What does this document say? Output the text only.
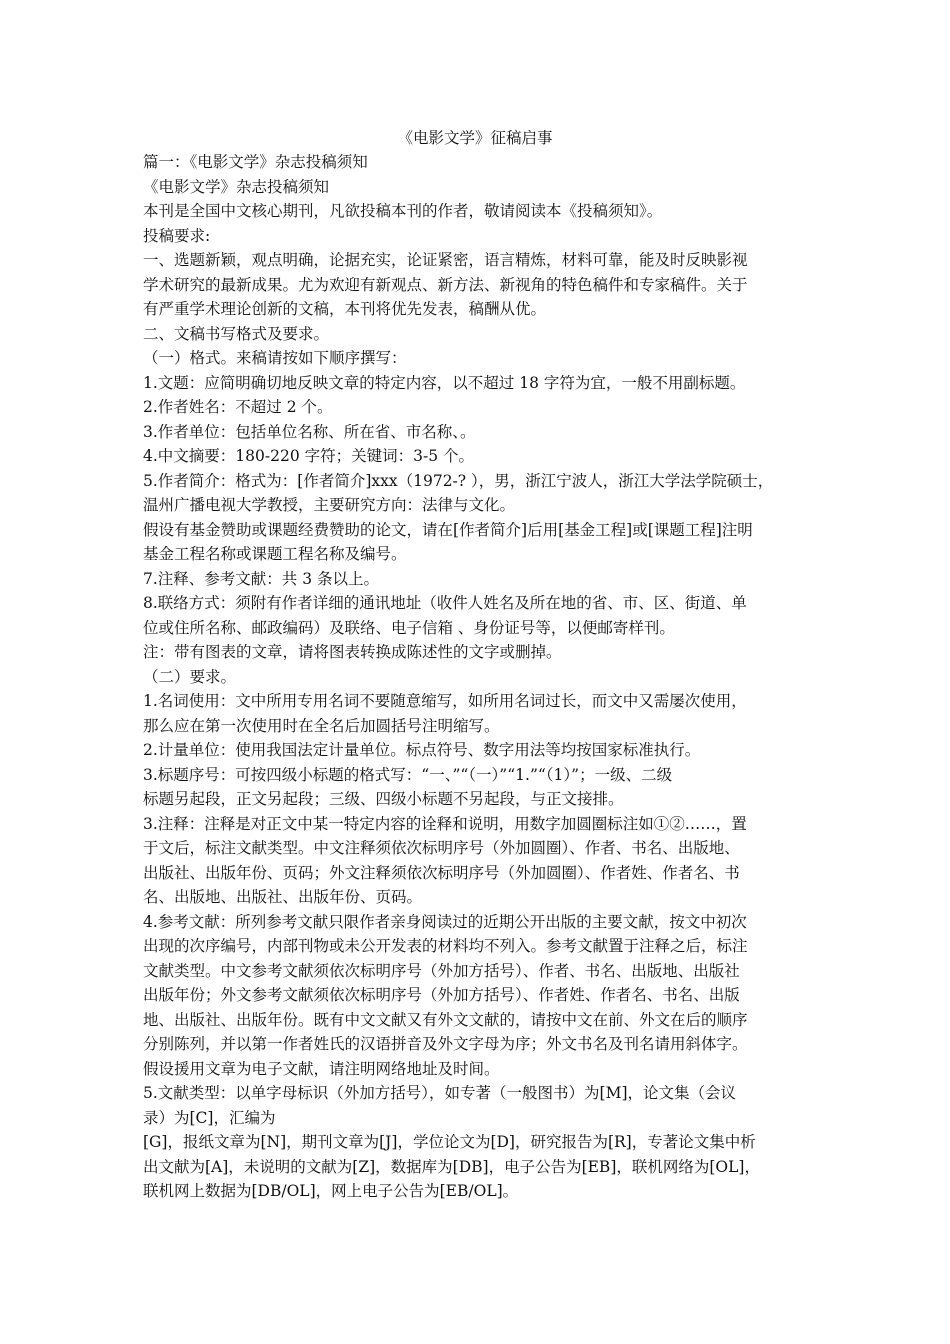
《电影文学》征稿启事
篇一：《电影文学》杂志投稿须知
《电影文学》杂志投稿须知
本刊是全国中文核心期刊，凡欲投稿本刊的作者，敬请阅读本《投稿须知》。
投稿要求:
一、选题新颖，观点明确，论据充实，论证紧密，语言精炼，材料可靠，能及时反映影视
学术研究的最新成果。尤为欢迎有新观点、新方法、新视角的特色稿件和专家稿件。关于
有严重学术理论创新的文稿，本刊将优先发表，稿酬从优。
二、文稿书写格式及要求。
（一）格式。来稿请按如下顺序撰写：
1.文题：应简明确切地反映文章的特定内容，以不超过 18 字符为宜，一般不用副标题。
2.作者姓名：不超过 2 个。
3.作者单位：包括单位名称、所在省、市名称、。
4.中文摘要：180-220 字符；关键词：3-5 个。
5.作者简介：格式为：[作者简介]xxx（1972-? ），男，浙江宁波人，浙江大学法学院硕士，
温州广播电视大学教授，主要研究方向：法律与文化。
假设有基金赞助或课题经费赞助的论文，请在[作者简介]后用[基金工程]或[课题工程]注明
基金工程名称或课题工程名称及编号。
7.注释、参考文献：共 3 条以上。
8.联络方式：须附有作者详细的通讯地址（收件人姓名及所在地的省、市、区、街道、单
位或住所名称、邮政编码）及联络、电子信箱 、身份证号等，以便邮寄样刊。
注：带有图表的文章，请将图表转换成陈述性的文字或删掉。
（二）要求。
1.名词使用：文中所用专用名词不要随意缩写，如所用名词过长，而文中又需屡次使用，
那么应在第一次使用时在全名后加圆括号注明缩写。
2.计量单位：使用我国法定计量单位。标点符号、数字用法等均按国家标准执行。
3.标题序号：可按四级小标题的格式写：“一、”“（一）”“1.”“（1）”；一级、二级
标题另起段，正文另起段；三级、四级小标题不另起段，与正文接排。
3.注释：注释是对正文中某一特定内容的诠释和说明，用数字加圆圈标注如①②……，置
于文后，标注文献类型。中文注释须依次标明序号（外加圆圈）、作者、书名、出版地、
出版社、出版年份、页码；外文注释须依次标明序号（外加圆圈）、作者姓、作者名、书
名、出版地、出版社、出版年份、页码。
4.参考文献：所列参考文献只限作者亲身阅读过的近期公开出版的主要文献，按文中初次
出现的次序编号，内部刊物或未公开发表的材料均不列入。参考文献置于注释之后，标注
文献类型。中文参考文献须依次标明序号（外加方括号）、作者、书名、出版地、出版社
出版年份；外文参考文献须依次标明序号（外加方括号）、作者姓、作者名、书名、出版
地、出版社、出版年份。既有中文文献又有外文文献的，请按中文在前、外文在后的顺序
分别陈列，并以第一作者姓氏的汉语拼音及外文字母为序；外文书名及刊名请用斜体字。
假设援用文章为电子文献，请注明网络地址及时间。
5.文献类型：以单字母标识（外加方括号），如专著（一般图书）为[M]，论文集（会议
录）为[C]，汇编为
[G]，报纸文章为[N]，期刊文章为[J]，学位论文为[D]，研究报告为[R]，专著论文集中析
出文献为[A]，未说明的文献为[Z]，数据库为[DB]，电子公告为[EB]，联机网络为[OL]，
联机网上数据为[DB/OL]，网上电子公告为[EB/OL]。
